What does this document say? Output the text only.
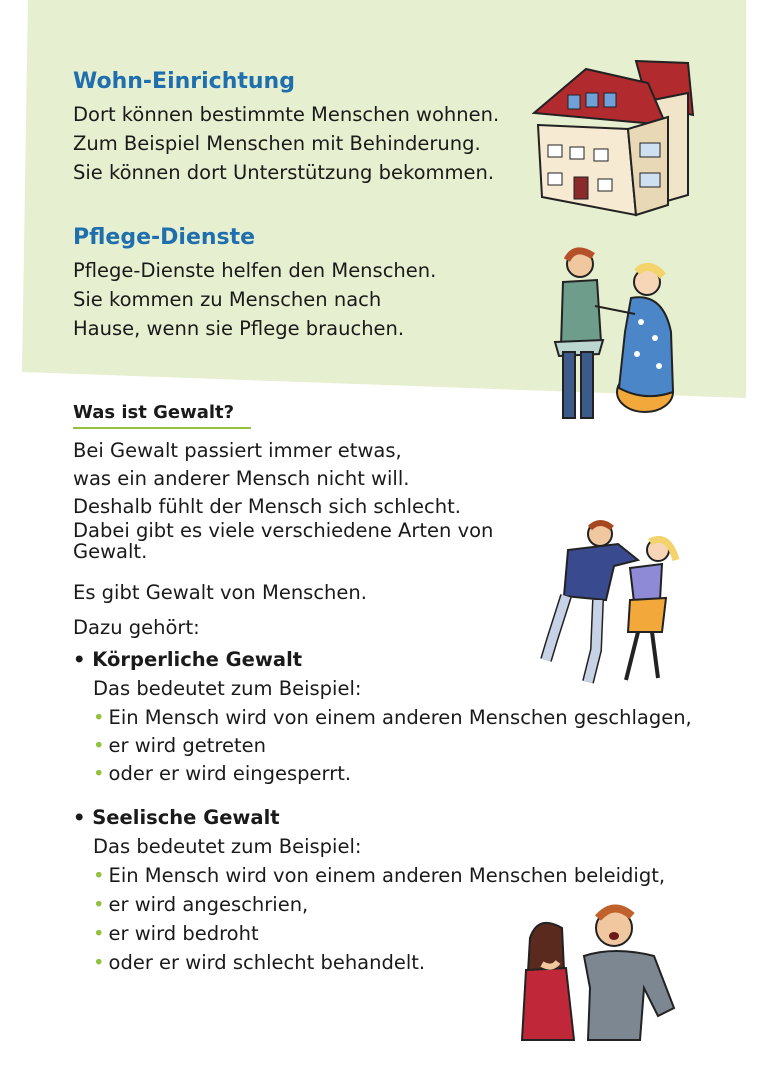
Wohn-Einrichtung
Dort können bestimmte Menschen wohnen.
Zum Beispiel Menschen mit Behinderung.
Sie können dort Unterstützung bekommen.
Pflege-Dienste
Pflege-Dienste helfen den Menschen.
Sie kommen zu Menschen nach
Hause, wenn sie Pflege brauchen.
Was ist Gewalt?
Bei Gewalt passiert immer etwas,
was ein anderer Mensch nicht will.
Deshalb fühlt der Mensch sich schlecht.
Dabei gibt es viele verschiedene Arten von
Gewalt.
Es gibt Gewalt von Menschen.
Dazu gehört:
• Körperliche Gewalt
Das bedeutet zum Beispiel:
• Ein Mensch wird von einem anderen Menschen geschlagen,
• er wird getreten
• oder er wird eingesperrt.
• Seelische Gewalt
Das bedeutet zum Beispiel:
• Ein Mensch wird von einem anderen Menschen beleidigt,
• er wird angeschrien,
• er wird bedroht
• oder er wird schlecht behandelt.
